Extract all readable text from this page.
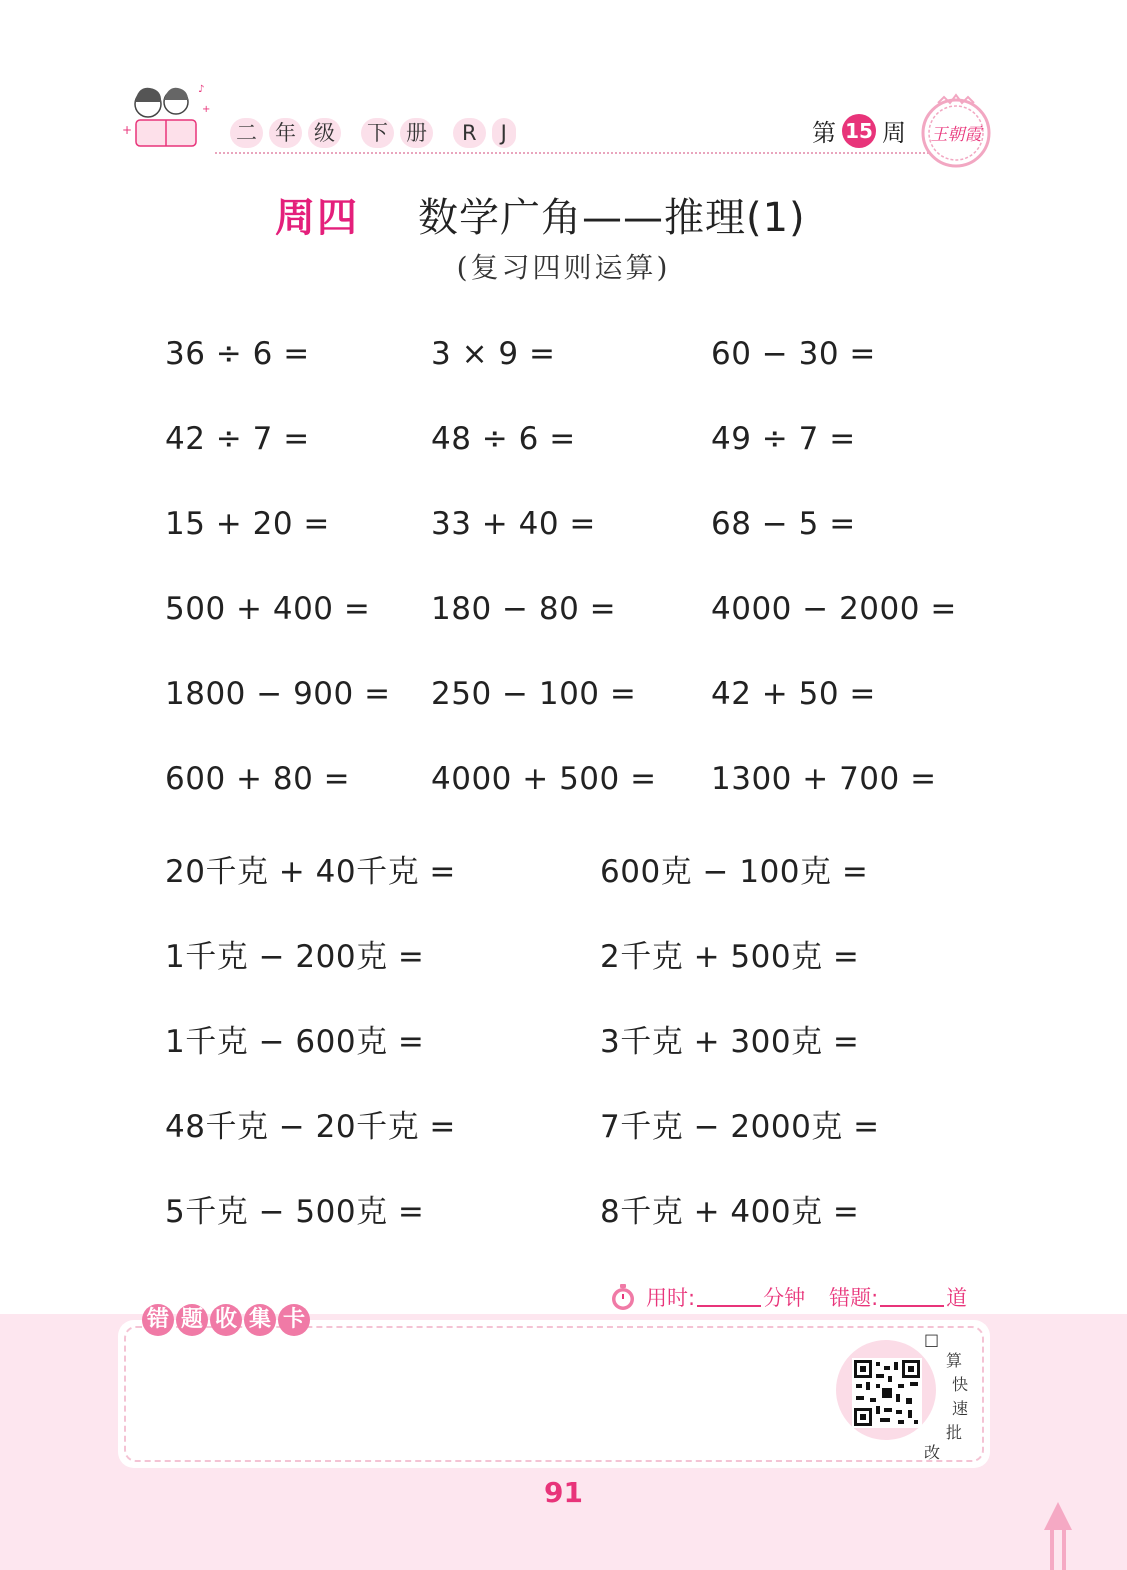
+
♪
+
二 年 级 下 册	R	J	第 15 周 王朝霞
周四 数学广角——推理(1)
(复习四则运算)
36 ÷ 6 =	3 × 9 =	60 − 30 =
42 ÷ 7 =	48 ÷ 6 =	49 ÷ 7 =
15 + 20 =	33 + 40 =	68 − 5 =
500 + 400 = 180 − 80 =	4000 − 2000 =
1800 − 900 = 250 − 100 = 42 + 50 =
600 + 80 =	4000 + 500 = 1300 + 700 =
20千克 + 40千克 =	600克 − 100克 =
1千克 − 200克 =	2千克 + 500克 =
1千克 − 600克 =	3千克 + 300克 =
48千克 − 20千克 =	7千克 − 2000克 =
5千克 − 500克 =	8千克 + 400克 =
用时:	分钟 错题:	道
错 题 收 集 卡
□
算
快
速
批
改
91
